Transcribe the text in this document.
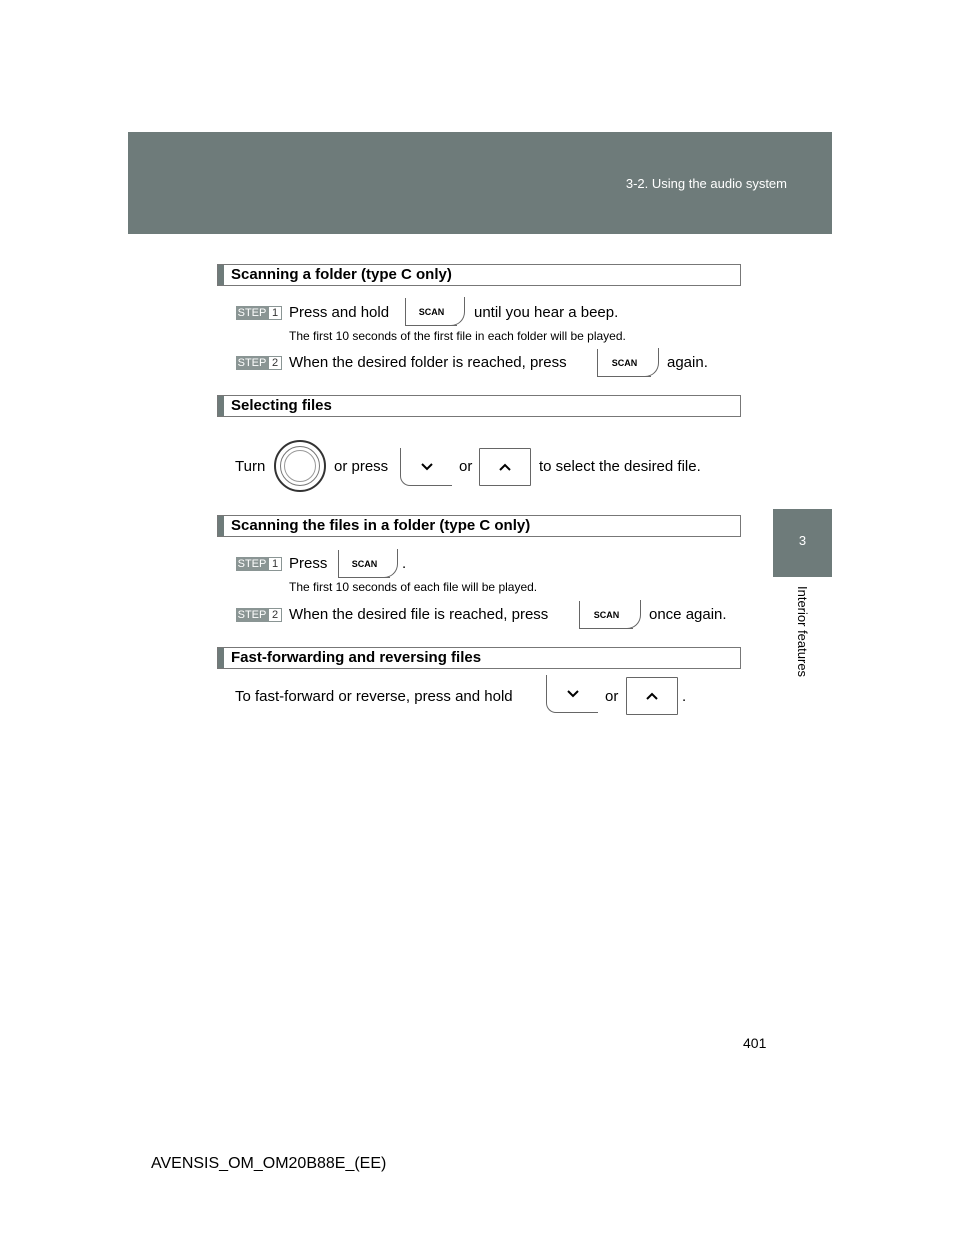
3-2. Using the audio system
3
Interior features
Scanning a folder (type C only)
STEP 1 Press and hold	SCAN	until you hear a beep.
The first 10 seconds of the first file in each folder will be played.
STEP 2 When the desired folder is reached, press	SCAN	again.
Selecting files
Turn	or press	or	to select the desired file.
Scanning the files in a folder (type C only)
STEP 1 Press	SCAN	.
The first 10 seconds of each file will be played.
STEP 2 When the desired file is reached, press	SCAN	once again.
Fast-forwarding and reversing files
To fast-forward or reverse, press and hold	or	.
401
AVENSIS_OM_OM20B88E_(EE)
